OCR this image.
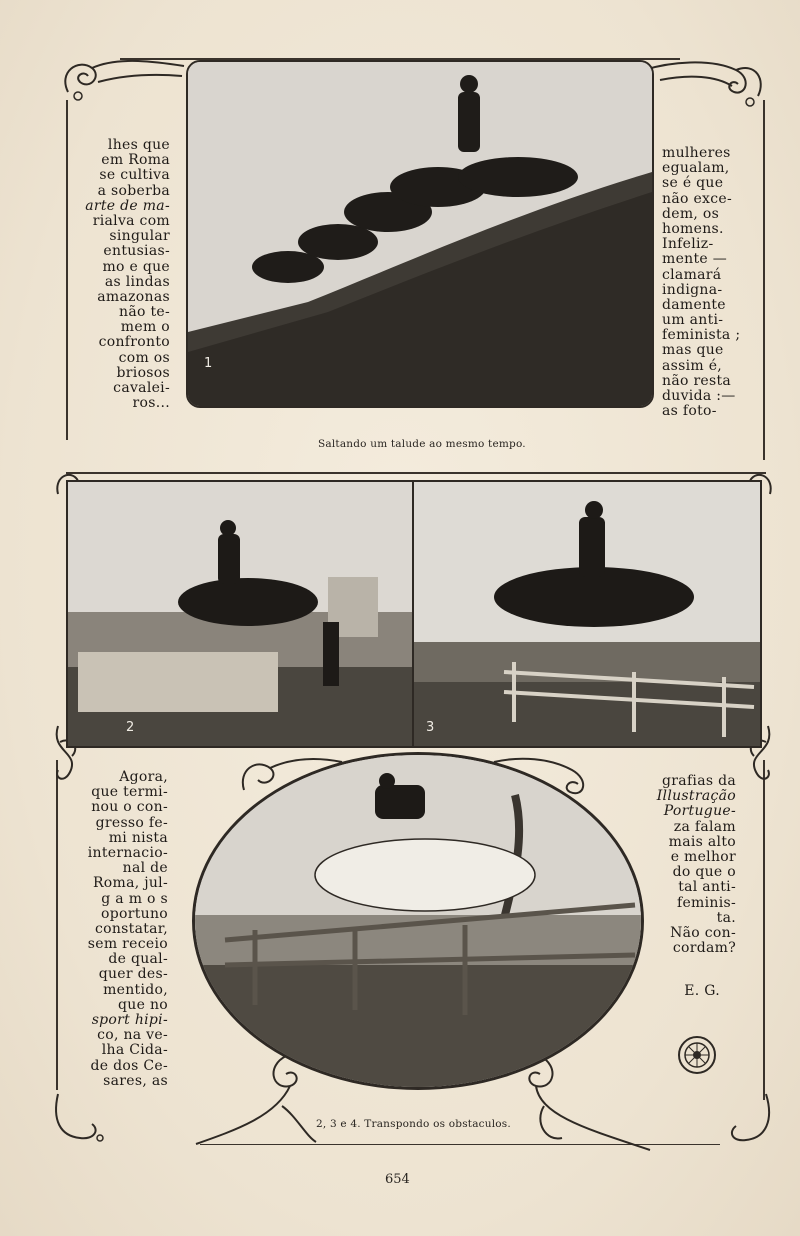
1
2	3
lhes que
em Roma
se cultiva
a soberba
arte de ma-
rialva com
singular
entusias-
mo e que
as lindas
amazonas
não te-
mem o
confronto
com os
briosos
cavalei-
ros...
mulheres
egualam,
se é que
não exce-
dem, os
homens.
Infeliz-
mente —
clamará
indigna-
damente
um anti-
feminista ;
mas que
assim é,
não resta
duvida :—
as foto-
Agora,
que termi-
nou o con-
gresso fe-
mi nista
internacio-
nal de
Roma, jul-
g a m o s
oportuno
constatar,
sem receio
de qual-
quer des-
mentido,
que no
sport hipi-
co, na ve-
lha Cida-
de dos Ce-
sares, as
grafias da
Illustração
Portugue-
za falam
mais alto
e melhor
do que o
tal anti-
feminis-
ta.
Não con-
cordam?
E. G.
Saltando um talude ao mesmo tempo.
2, 3 e 4. Transpondo os obstaculos.
654
